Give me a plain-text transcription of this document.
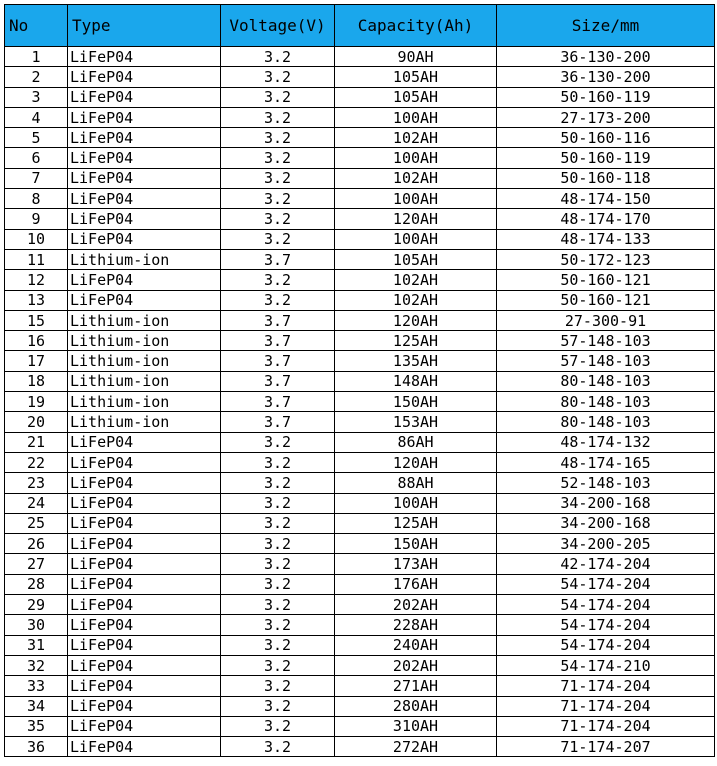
No	Type	Voltage(V)	Capacity(Ah)	Size/mm
1	LiFeP04	3.2	90AH	36-130-200
2	LiFeP04	3.2	105AH	36-130-200
3	LiFeP04	3.2	105AH	50-160-119
4	LiFeP04	3.2	100AH	27-173-200
5	LiFeP04	3.2	102AH	50-160-116
6	LiFeP04	3.2	100AH	50-160-119
7	LiFeP04	3.2	102AH	50-160-118
8	LiFeP04	3.2	100AH	48-174-150
9	LiFeP04	3.2	120AH	48-174-170
10	LiFeP04	3.2	100AH	48-174-133
11	Lithium-ion	3.7	105AH	50-172-123
12	LiFeP04	3.2	102AH	50-160-121
13	LiFeP04	3.2	102AH	50-160-121
15	Lithium-ion	3.7	120AH	27-300-91
16	Lithium-ion	3.7	125AH	57-148-103
17	Lithium-ion	3.7	135AH	57-148-103
18	Lithium-ion	3.7	148AH	80-148-103
19	Lithium-ion	3.7	150AH	80-148-103
20	Lithium-ion	3.7	153AH	80-148-103
21	LiFeP04	3.2	86AH	48-174-132
22	LiFeP04	3.2	120AH	48-174-165
23	LiFeP04	3.2	88AH	52-148-103
24	LiFeP04	3.2	100AH	34-200-168
25	LiFeP04	3.2	125AH	34-200-168
26	LiFeP04	3.2	150AH	34-200-205
27	LiFeP04	3.2	173AH	42-174-204
28	LiFeP04	3.2	176AH	54-174-204
29	LiFeP04	3.2	202AH	54-174-204
30	LiFeP04	3.2	228AH	54-174-204
31	LiFeP04	3.2	240AH	54-174-204
32	LiFeP04	3.2	202AH	54-174-210
33	LiFeP04	3.2	271AH	71-174-204
34	LiFeP04	3.2	280AH	71-174-204
35	LiFeP04	3.2	310AH	71-174-204
36	LiFeP04	3.2	272AH	71-174-207
